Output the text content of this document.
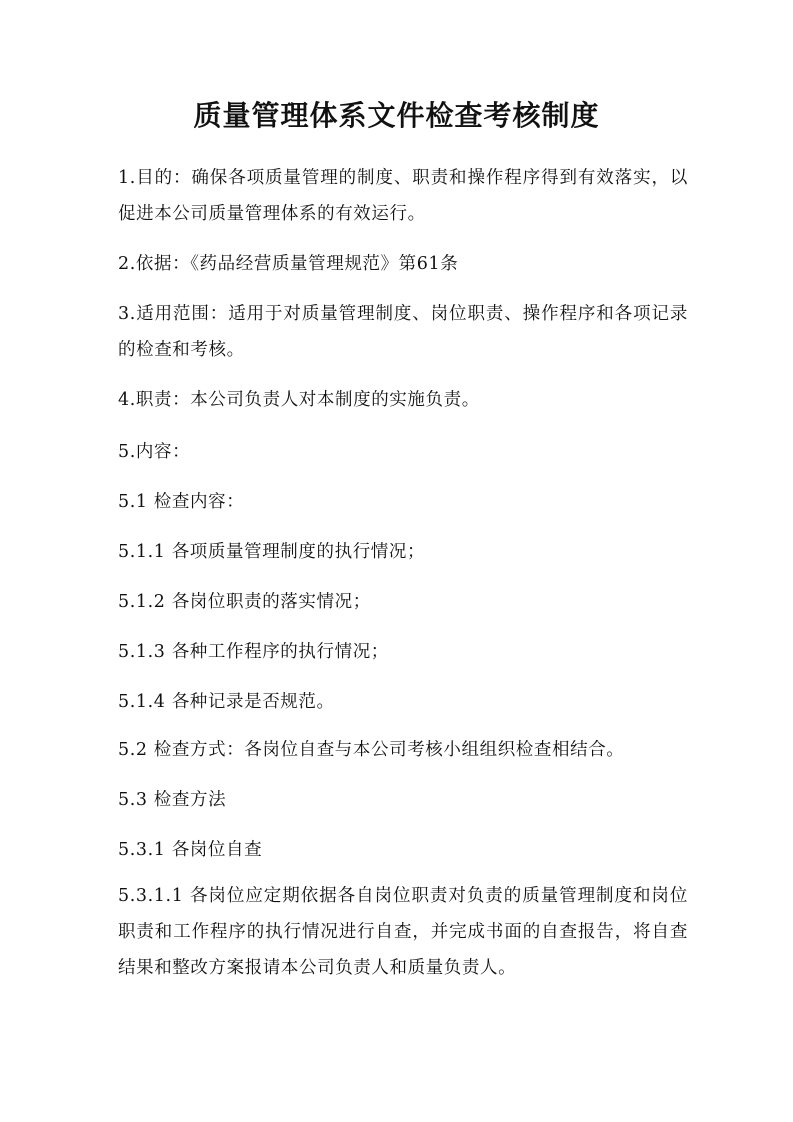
质量管理体系文件检查考核制度
1.目的：确保各项质量管理的制度、职责和操作程序得到有效落实，以促进本公司质量管理体系的有效运行。
2.依据：《药品经营质量管理规范》第61条
3.适用范围：适用于对质量管理制度、岗位职责、操作程序和各项记录的检查和考核。
4.职责：本公司负责人对本制度的实施负责。
5.内容：
5.1 检查内容：
5.1.1 各项质量管理制度的执行情况；
5.1.2 各岗位职责的落实情况；
5.1.3 各种工作程序的执行情况；
5.1.4 各种记录是否规范。
5.2 检查方式：各岗位自查与本公司考核小组组织检查相结合。
5.3 检查方法
5.3.1 各岗位自查
5.3.1.1 各岗位应定期依据各自岗位职责对负责的质量管理制度和岗位职责和工作程序的执行情况进行自查，并完成书面的自查报告，将自查结果和整改方案报请本公司负责人和质量负责人。
